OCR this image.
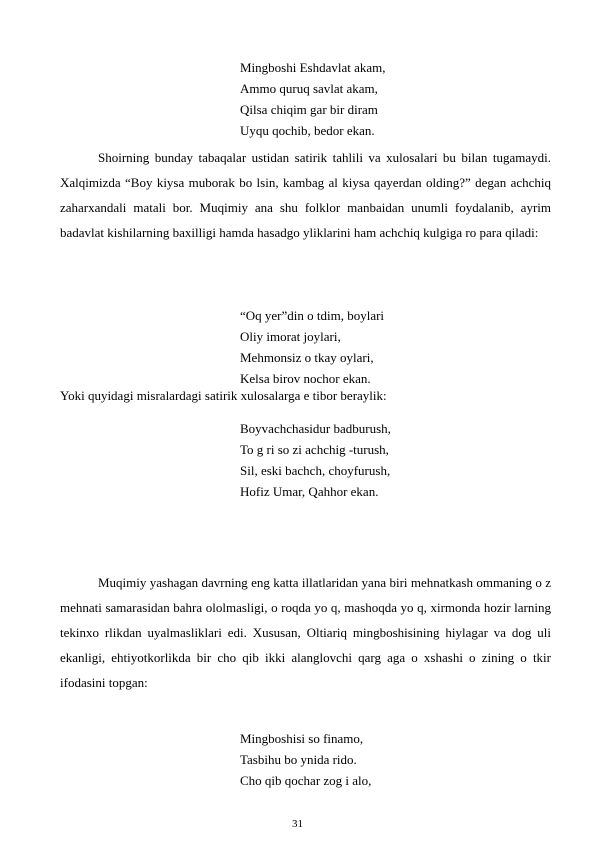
Mingboshi Eshdavlat akam,
Ammo quruq savlat akam,
Qilsa chiqim gar bir diram
Uyqu qochib, bedor ekan.
Shoirning bunday tabaqalar ustidan satirik tahlili va xulosalari bu bilan tugamaydi. Xalqimizda “Boy kiysa muborak bo lsin, kambag al kiysa qayerdan olding?” degan achchiq zaharxandali matali bor. Muqimiy ana shu folklor manbaidan unumli foydalanib, ayrim badavlat kishilarning baxilligi hamda hasadgo yliklarini ham achchiq kulgiga ro para qiladi:
“Oq yer”din o tdim, boylari
Oliy imorat joylari,
Mehmonsiz o tkay oylari,
Kelsa birov nochor ekan.
Yoki quyidagi misralardagi satirik xulosalarga e tibor beraylik:
Boyvachchasidur badburush,
To g ri so zi achchig -turush,
Sil, eski bachch, choyfurush,
Hofiz Umar, Qahhor ekan.
Muqimiy yashagan davrning eng katta illatlaridan yana biri mehnatkash ommaning o z mehnati samarasidan bahra ololmasligi, o roqda yo q, mashoqda yo q, xirmonda hozir larning tekinxo rlikdan uyalmasliklari edi. Xususan, Oltiariq mingboshisining hiylagar va dog uli ekanligi, ehtiyotkorlikda bir cho qib ikki alanglovchi qarg aga o xshashi o zining o tkir ifodasini topgan:
Mingboshisi so finamo,
Tasbihu bo ynida rido.
Cho qib qochar zog i alo,
31
